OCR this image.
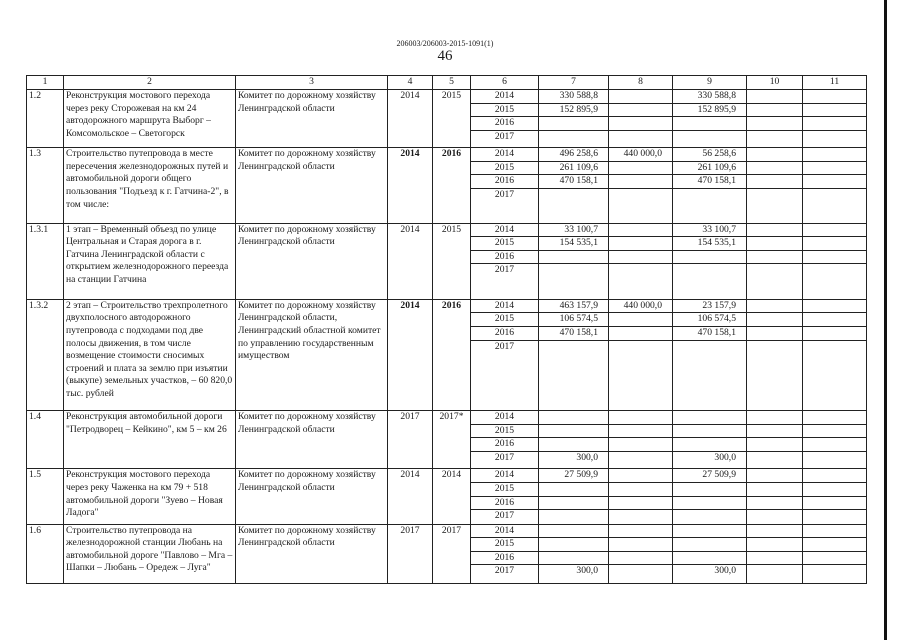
206003/206003-2015-1091(1)
46
1	2	3	4	5	6	7	8	9	10	11
1.2	Реконструкция мостового перехода через реку Сторожевая на км 24 автодорожного маршрута Выборг – Комсомольское – Светогорск	Комитет по дорожному хозяйству Ленинградской области	2014	2015	2014	330 588,8		330 588,8		
					2015	152 895,9		152 895,9		
					2016					
					2017					
1.3	Строительство путепровода в месте пересечения железнодорожных путей и автомобильной дороги общего пользования "Подъезд к г. Гатчина-2", в том числе:	Комитет по дорожному хозяйству Ленинградской области	2014	2016	2014	496 258,6	440 000,0	56 258,6		
					2015	261 109,6		261 109,6		
					2016	470 158,1		470 158,1		
					2017					
1.3.1	1 этап – Временный объезд по улице Центральная и Старая дорога в г. Гатчина Ленинградской области с открытием железнодорожного переезда на станции Гатчина	Комитет по дорожному хозяйству Ленинградской области	2014	2015	2014	33 100,7		33 100,7		
					2015	154 535,1		154 535,1		
					2016					
					2017					
1.3.2	2 этап – Строительство трехпролетного двухполосного автодорожного путепровода с подходами под две полосы движения, в том числе возмещение стоимости сносимых строений и плата за землю при изъятии (выкупе) земельных участков, – 60 820,0 тыс. рублей	Комитет по дорожному хозяйству Ленинградской области, Ленинградский областной комитет по управлению государственным имуществом	2014	2016	2014	463 157,9	440 000,0	23 157,9		
					2015	106 574,5		106 574,5		
					2016	470 158,1		470 158,1		
					2017					
1.4	Реконструкция автомобильной дороги "Петродворец – Кейкино", км 5 – км 26	Комитет по дорожному хозяйству Ленинградской области	2017	2017*	2014					
					2015					
					2016					
					2017	300,0		300,0		
1.5	Реконструкция мостового перехода через реку Чаженка на км 79 + 518 автомобильной дороги "Зуево – Новая Ладога"	Комитет по дорожному хозяйству Ленинградской области	2014	2014	2014	27 509,9		27 509,9		
					2015					
					2016					
					2017					
1.6	Строительство путепровода на железнодорожной станции Любань на автомобильной дороге "Павлово – Мга – Шапки – Любань – Оредеж – Луга"	Комитет по дорожному хозяйству Ленинградской области	2017	2017	2014					
					2015					
					2016					
					2017	300,0		300,0		
